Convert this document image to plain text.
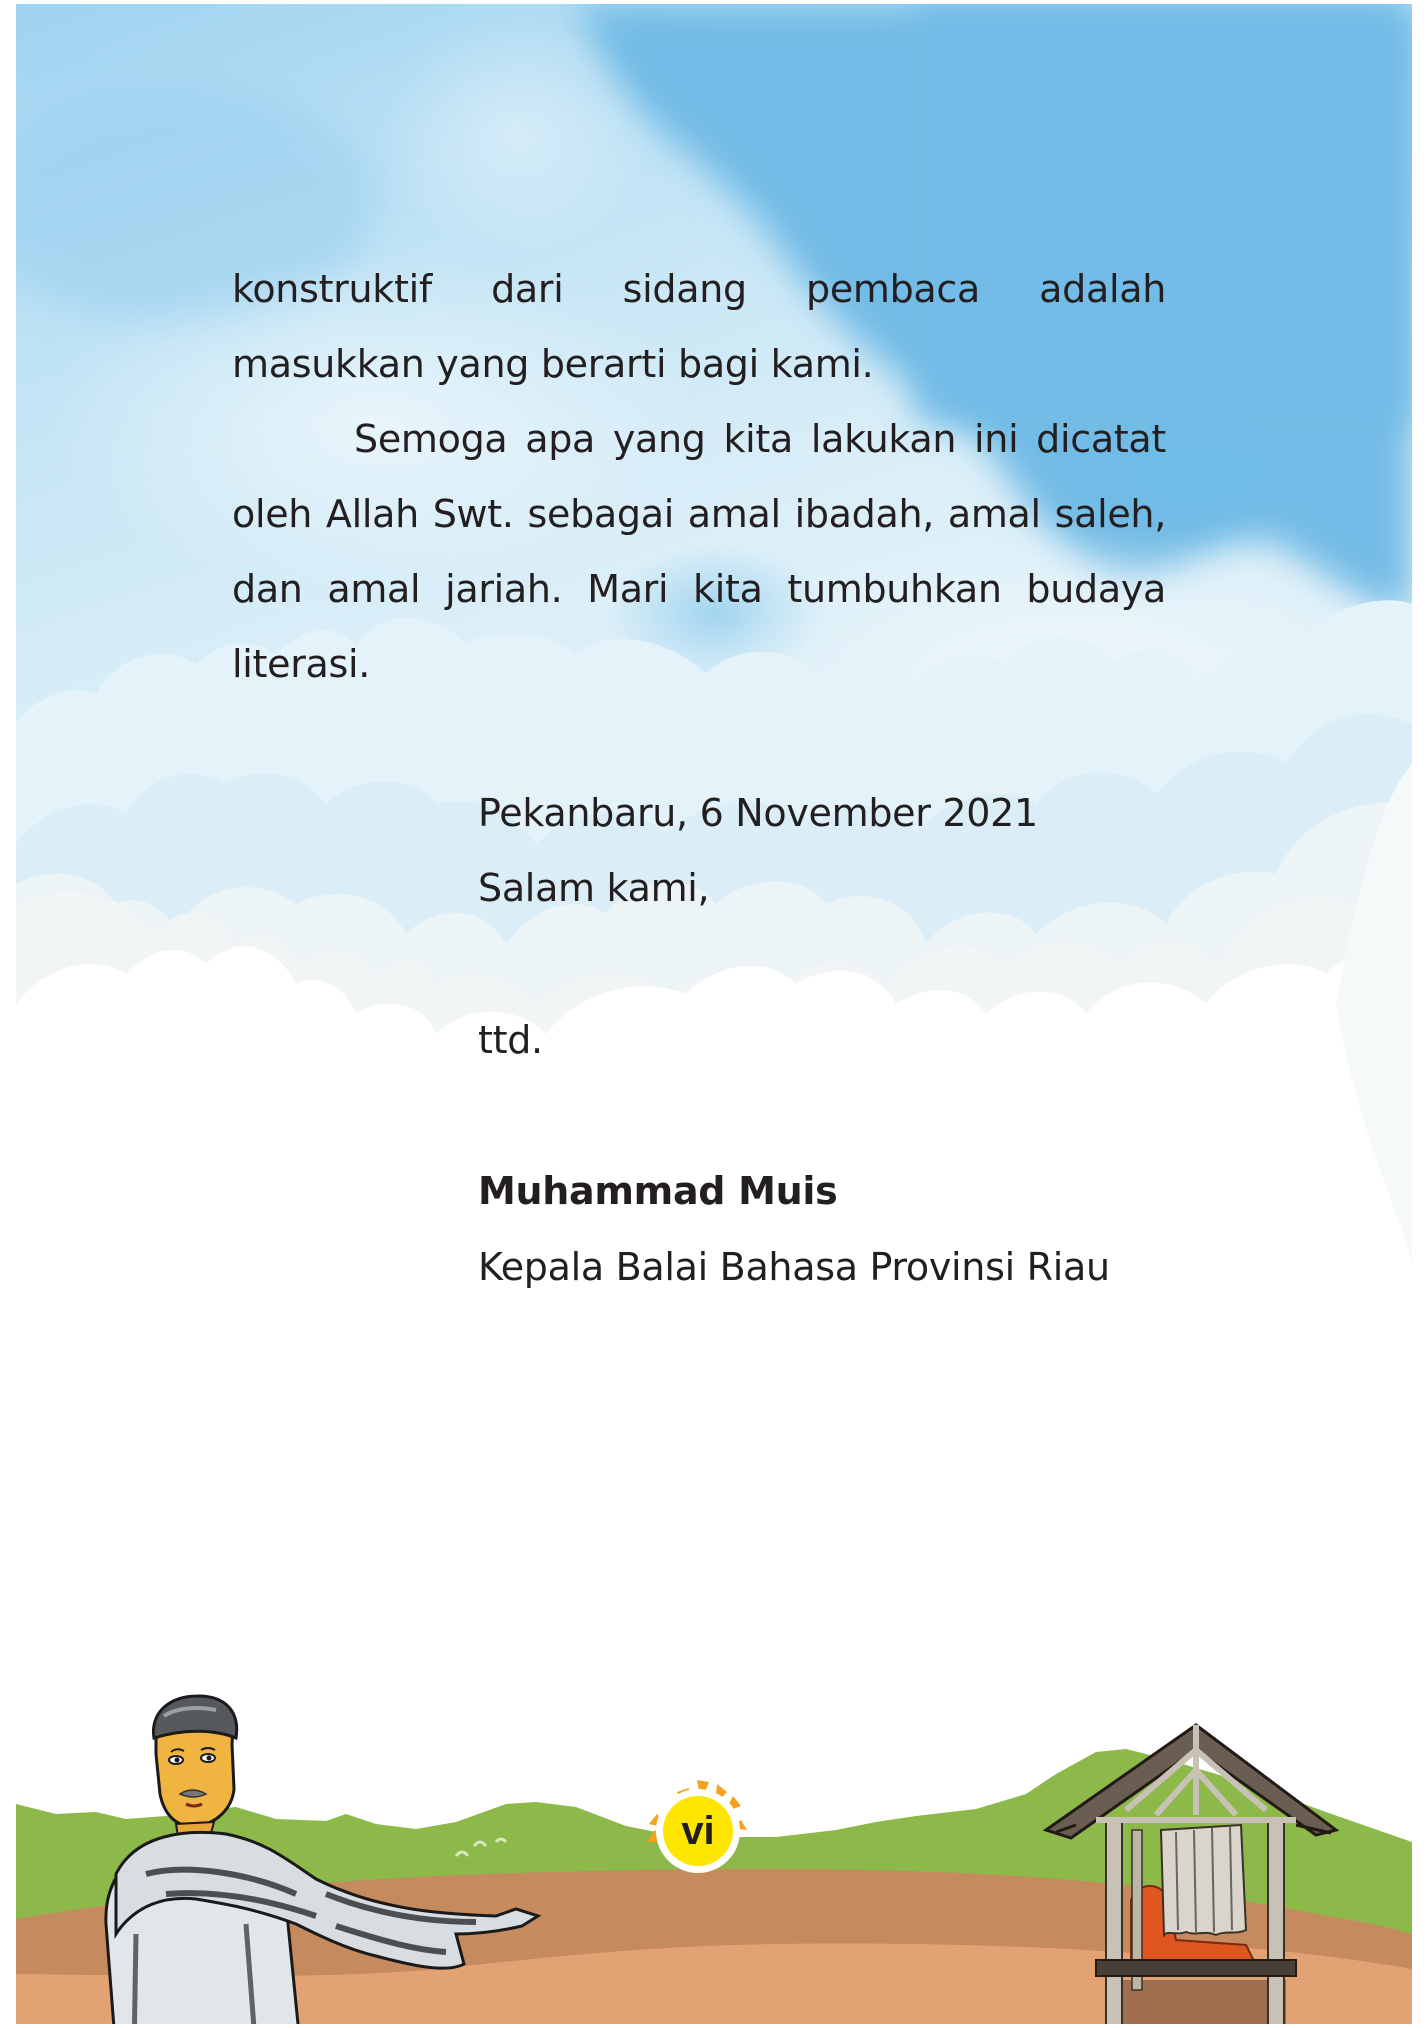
konstruktif dari sidang pembaca adalah
masukkan yang berarti bagi kami.

Semoga apa yang kita lakukan ini dicatat
oleh Allah Swt. sebagai amal ibadah, amal saleh,
dan amal jariah. Mari kita tumbuhkan budaya
literasi.

Pekanbaru, 6 November 2021
Salam kami,
ttd.
Muhammad Muis
Kepala Balai Bahasa Provinsi Riau
vi
